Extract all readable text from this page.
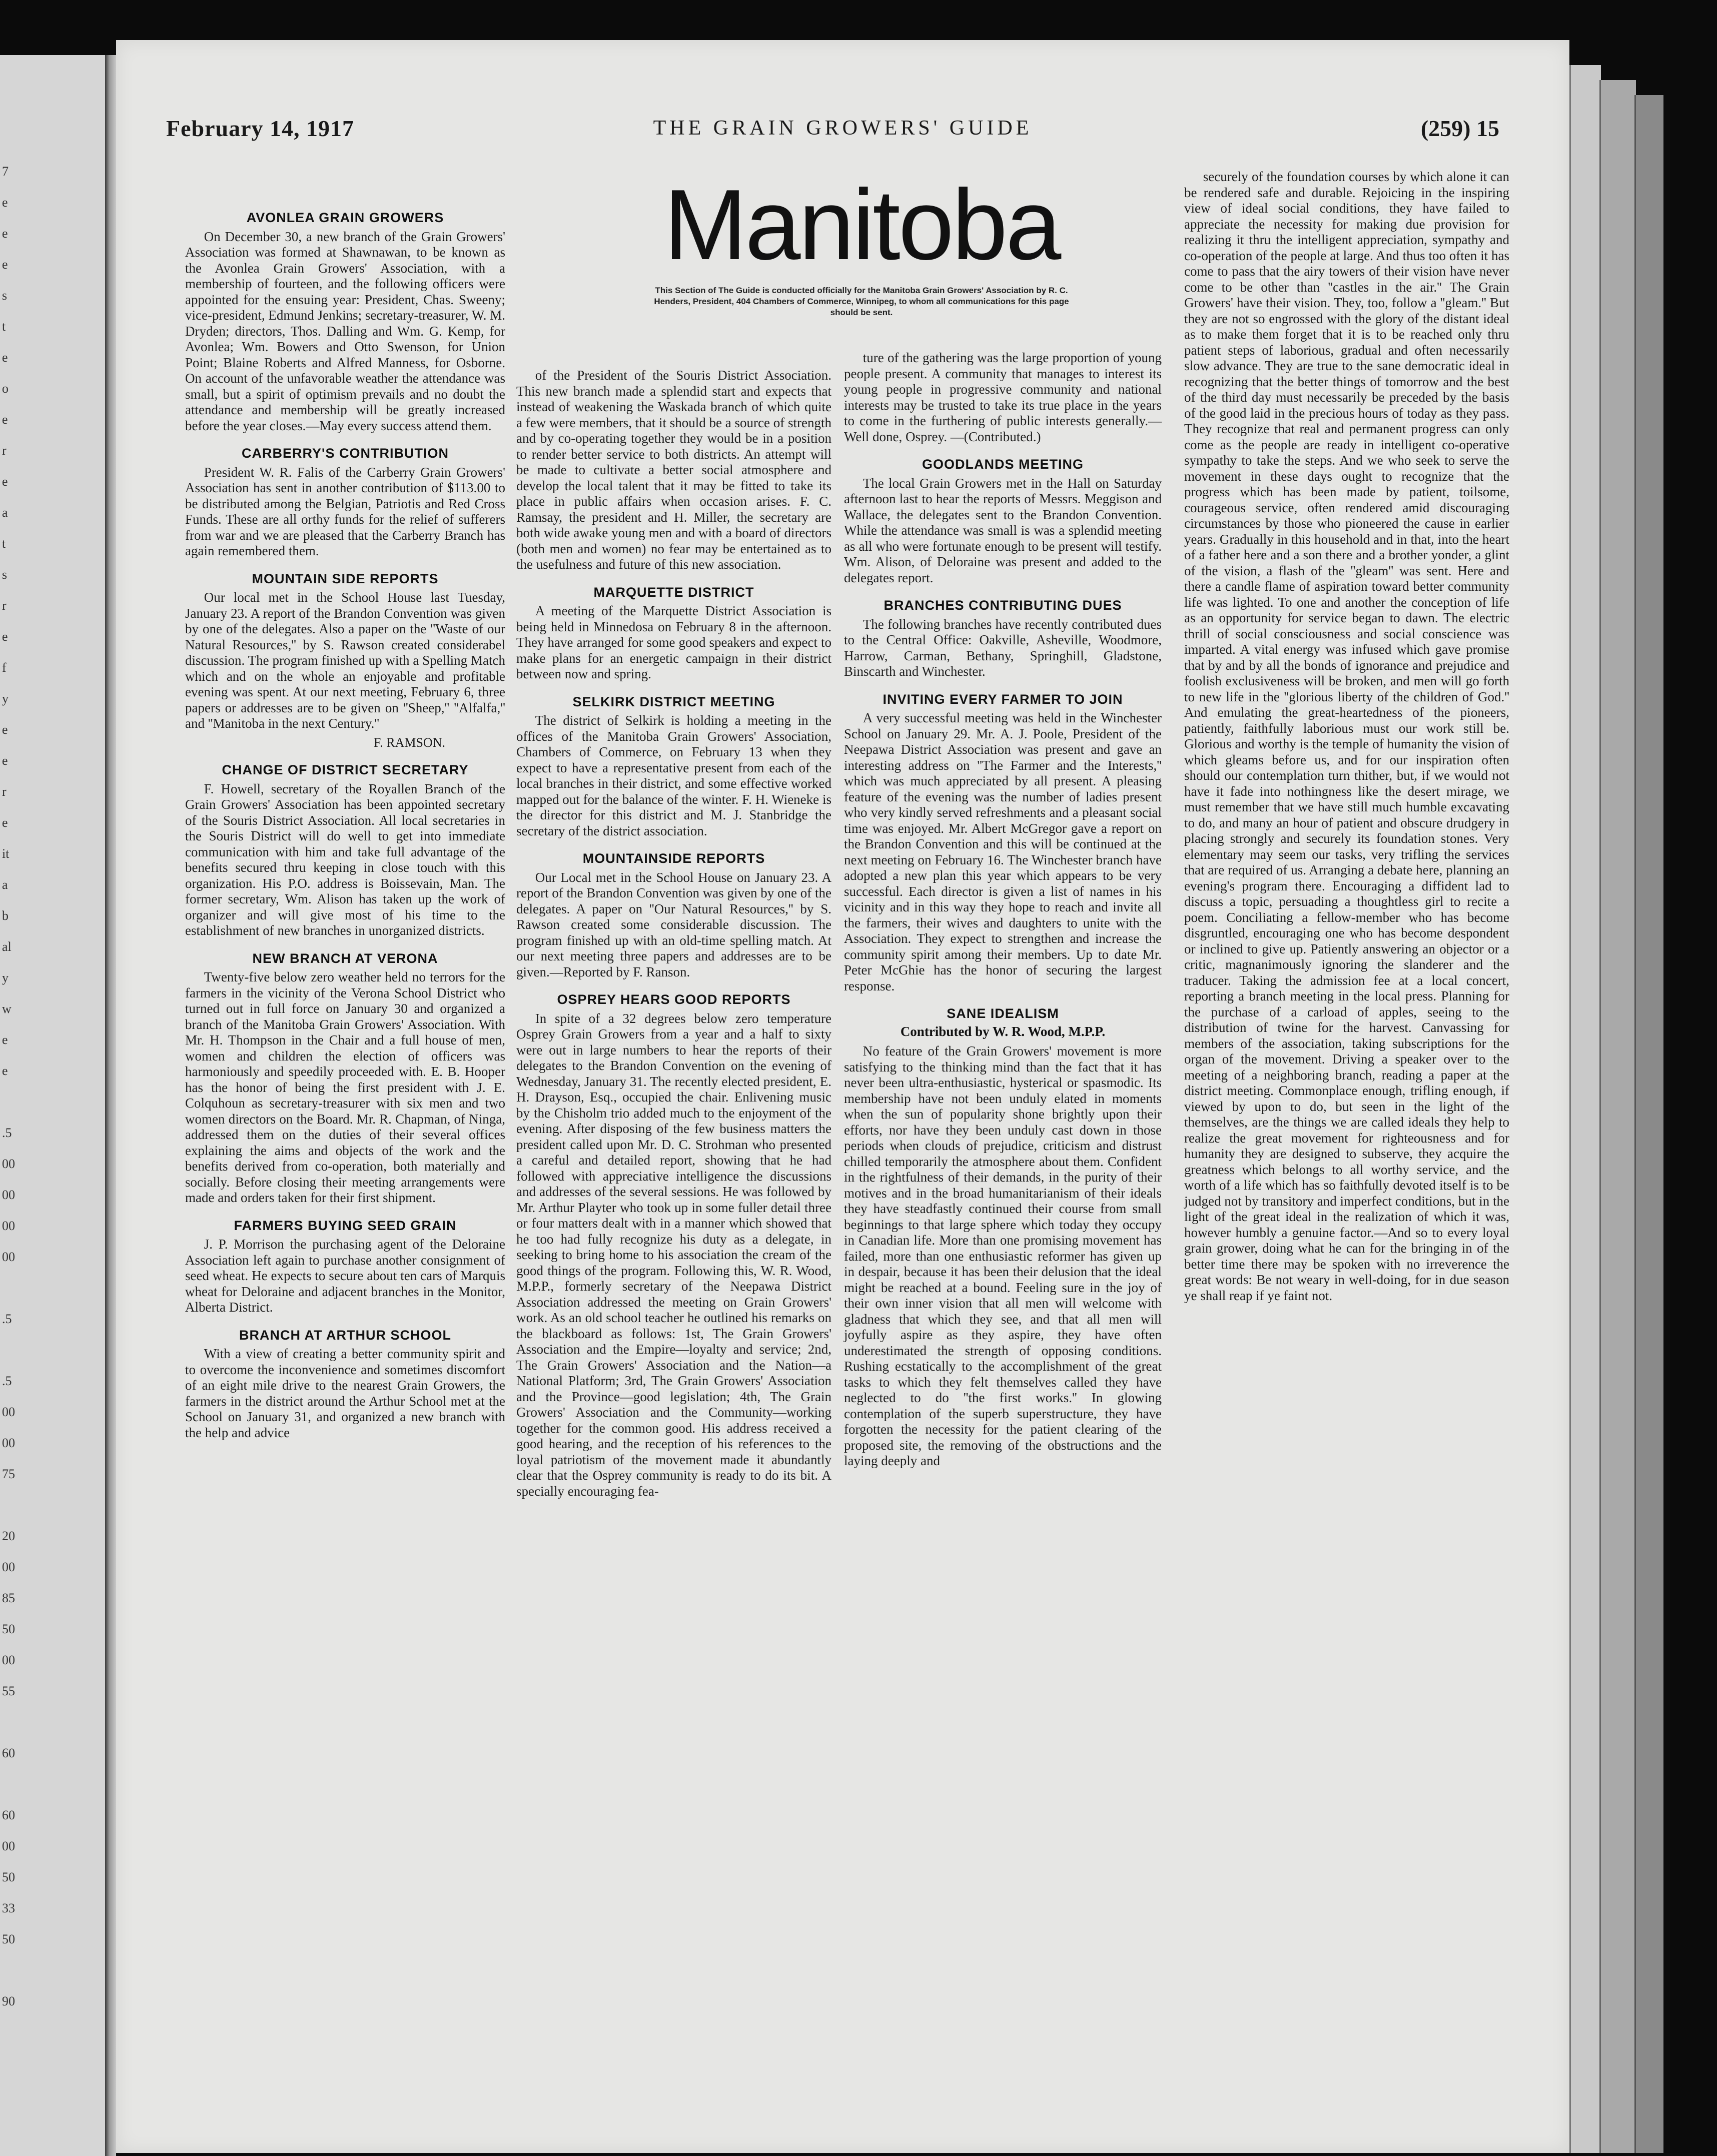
7
e
e
e
s
t
e
o
e
r
e
a
t
s
r
e
f
y
e
e
r
e
it
a
b
al
y
w
e
e
.5
00
00
00
00
.5
.5
00
00
75
20
00
85
50
00
55
60
60
00
50
33
50
90
February 14, 1917	THE GRAIN GROWERS' GUIDE	(259) 15
Manitoba
This Section of The Guide is conducted officially for the Manitoba Grain Growers' Association by R. C. Henders, President, 404 Chambers of Commerce, Winnipeg, to whom all communications for this page should be sent.
AVONLEA GRAIN GROWERS
On December 30, a new branch of the Grain Growers' Association was formed at Shawnawan, to be known as the Avonlea Grain Growers' Association, with a membership of fourteen, and the following officers were appointed for the ensuing year: President, Chas. Sweeny; vice-president, Edmund Jenkins; secretary-treasurer, W. M. Dryden; directors, Thos. Dalling and Wm. G. Kemp, for Avonlea; Wm. Bowers and Otto Swenson, for Union Point; Blaine Roberts and Alfred Manness, for Osborne. On account of the unfavorable weather the attendance was small, but a spirit of optimism prevails and no doubt the attendance and membership will be greatly increased before the year closes.—May every success attend them.
CARBERRY'S CONTRIBUTION
President W. R. Falis of the Carberry Grain Growers' Association has sent in another contribution of $113.00 to be distributed among the Belgian, Patriotis and Red Cross Funds. These are all orthy funds for the relief of sufferers from war and we are pleased that the Carberry Branch has again remembered them.
MOUNTAIN SIDE REPORTS
Our local met in the School House last Tuesday, January 23. A report of the Brandon Convention was given by one of the delegates. Also a paper on the ''Waste of our Natural Resources,'' by S. Rawson created considerabel discussion. The program finished up with a Spelling Match which and on the whole an enjoyable and profitable evening was spent. At our next meeting, February 6, three papers or addresses are to be given on ''Sheep,'' ''Alfalfa,'' and ''Manitoba in the next Century.''
F. RAMSON.
CHANGE OF DISTRICT SECRETARY
F. Howell, secretary of the Royallen Branch of the Grain Growers' Association has been appointed secretary of the Souris District Association. All local secretaries in the Souris District will do well to get into immediate communication with him and take full advantage of the benefits secured thru keeping in close touch with this organization. His P.O. address is Boissevain, Man. The former secretary, Wm. Alison has taken up the work of organizer and will give most of his time to the establishment of new branches in unorganized districts.
NEW BRANCH AT VERONA
Twenty-five below zero weather held no terrors for the farmers in the vicinity of the Verona School District who turned out in full force on January 30 and organized a branch of the Manitoba Grain Growers' Association. With Mr. H. Thompson in the Chair and a full house of men, women and children the election of officers was harmoniously and speedily proceeded with. E. B. Hooper has the honor of being the first president with J. E. Colquhoun as secretary-treasurer with six men and two women directors on the Board. Mr. R. Chapman, of Ninga, addressed them on the duties of their several offices explaining the aims and objects of the work and the benefits derived from co-operation, both materially and socially. Before closing their meeting arrangements were made and orders taken for their first shipment.
FARMERS BUYING SEED GRAIN
J. P. Morrison the purchasing agent of the Deloraine Association left again to purchase another consignment of seed wheat. He expects to secure about ten cars of Marquis wheat for Deloraine and adjacent branches in the Monitor, Alberta District.
BRANCH AT ARTHUR SCHOOL
With a view of creating a better community spirit and to overcome the inconvenience and sometimes discomfort of an eight mile drive to the nearest Grain Growers, the farmers in the district around the Arthur School met at the School on January 31, and organized a new branch with the help and advice
of the President of the Souris District Association. This new branch made a splendid start and expects that instead of weakening the Waskada branch of which quite a few were members, that it should be a source of strength and by co-operating together they would be in a position to render better service to both districts. An attempt will be made to cultivate a better social atmosphere and develop the local talent that it may be fitted to take its place in public affairs when occasion arises. F. C. Ramsay, the president and H. Miller, the secretary are both wide awake young men and with a board of directors (both men and women) no fear may be entertained as to the usefulness and future of this new association.
MARQUETTE DISTRICT
A meeting of the Marquette District Association is being held in Minnedosa on February 8 in the afternoon. They have arranged for some good speakers and expect to make plans for an energetic campaign in their district between now and spring.
SELKIRK DISTRICT MEETING
The district of Selkirk is holding a meeting in the offices of the Manitoba Grain Growers' Association, Chambers of Commerce, on February 13 when they expect to have a representative present from each of the local branches in their district, and some effective worked mapped out for the balance of the winter. F. H. Wieneke is the director for this district and M. J. Stanbridge the secretary of the district association.
MOUNTAINSIDE REPORTS
Our Local met in the School House on January 23. A report of the Brandon Convention was given by one of the delegates. A paper on ''Our Natural Resources,'' by S. Rawson created some considerable discussion. The program finished up with an old-time spelling match. At our next meeting three papers and addresses are to be given.—Reported by F. Ranson.
OSPREY HEARS GOOD REPORTS
In spite of a 32 degrees below zero temperature Osprey Grain Growers from a year and a half to sixty were out in large numbers to hear the reports of their delegates to the Brandon Convention on the evening of Wednesday, January 31. The recently elected president, E. H. Drayson, Esq., occupied the chair. Enlivening music by the Chisholm trio added much to the enjoyment of the evening. After disposing of the few business matters the president called upon Mr. D. C. Strohman who presented a careful and detailed report, showing that he had followed with appreciative intelligence the discussions and addresses of the several sessions. He was followed by Mr. Arthur Playter who took up in some fuller detail three or four matters dealt with in a manner which showed that he too had fully recognize his duty as a delegate, in seeking to bring home to his association the cream of the good things of the program. Following this, W. R. Wood, M.P.P., formerly secretary of the Neepawa District Association addressed the meeting on Grain Growers' work. As an old school teacher he outlined his remarks on the blackboard as follows: 1st, The Grain Growers' Association and the Empire—loyalty and service; 2nd, The Grain Growers' Association and the Nation—a National Platform; 3rd, The Grain Growers' Association and the Province—good legislation; 4th, The Grain Growers' Association and the Community—working together for the common good. His address received a good hearing, and the reception of his references to the loyal patriotism of the movement made it abundantly clear that the Osprey community is ready to do its bit. A specially encouraging fea-
ture of the gathering was the large proportion of young people present. A community that manages to interest its young people in progressive community and national interests may be trusted to take its true place in the years to come in the furthering of public interests generally.—Well done, Osprey. —(Contributed.)
GOODLANDS MEETING
The local Grain Growers met in the Hall on Saturday afternoon last to hear the reports of Messrs. Meggison and Wallace, the delegates sent to the Brandon Convention. While the attendance was small is was a splendid meeting as all who were fortunate enough to be present will testify. Wm. Alison, of Deloraine was present and added to the delegates report.
BRANCHES CONTRIBUTING DUES
The following branches have recently contributed dues to the Central Office: Oakville, Asheville, Woodmore, Harrow, Carman, Bethany, Springhill, Gladstone, Binscarth and Winchester.
INVITING EVERY FARMER TO JOIN
A very successful meeting was held in the Winchester School on January 29. Mr. A. J. Poole, President of the Neepawa District Association was present and gave an interesting address on ''The Farmer and the Interests,'' which was much appreciated by all present. A pleasing feature of the evening was the number of ladies present who very kindly served refreshments and a pleasant social time was enjoyed. Mr. Albert McGregor gave a report on the Brandon Convention and this will be continued at the next meeting on February 16. The Winchester branch have adopted a new plan this year which appears to be very successful. Each director is given a list of names in his vicinity and in this way they hope to reach and invite all the farmers, their wives and daughters to unite with the Association. They expect to strengthen and increase the community spirit among their members. Up to date Mr. Peter McGhie has the honor of securing the largest response.
SANE IDEALISM
Contributed by W. R. Wood, M.P.P.
No feature of the Grain Growers' movement is more satisfying to the thinking mind than the fact that it has never been ultra-enthusiastic, hysterical or spasmodic. Its membership have not been unduly elated in moments when the sun of popularity shone brightly upon their efforts, nor have they been unduly cast down in those periods when clouds of prejudice, criticism and distrust chilled temporarily the atmosphere about them. Confident in the rightfulness of their demands, in the purity of their motives and in the broad humanitarianism of their ideals they have steadfastly continued their course from small beginnings to that large sphere which today they occupy in Canadian life. More than one promising movement has failed, more than one enthusiastic reformer has given up in despair, because it has been their delusion that the ideal might be reached at a bound. Feeling sure in the joy of their own inner vision that all men will welcome with gladness that which they see, and that all men will joyfully aspire as they aspire, they have often underestimated the strength of opposing conditions. Rushing ecstatically to the accomplishment of the great tasks to which they felt themselves called they have neglected to do ''the first works.'' In glowing contemplation of the superb superstructure, they have forgotten the necessity for the patient clearing of the proposed site, the removing of the obstructions and the laying deeply and
securely of the foundation courses by which alone it can be rendered safe and durable. Rejoicing in the inspiring view of ideal social conditions, they have failed to appreciate the necessity for making due provision for realizing it thru the intelligent appreciation, sympathy and co-operation of the people at large. And thus too often it has come to pass that the airy towers of their vision have never come to be other than ''castles in the air.'' The Grain Growers' have their vision. They, too, follow a ''gleam.'' But they are not so engrossed with the glory of the distant ideal as to make them forget that it is to be reached only thru patient steps of laborious, gradual and often necessarily slow advance. They are true to the sane democratic ideal in recognizing that the better things of tomorrow and the best of the third day must necessarily be preceded by the basis of the good laid in the precious hours of today as they pass. They recognize that real and permanent progress can only come as the people are ready in intelligent co-operative sympathy to take the steps. And we who seek to serve the movement in these days ought to recognize that the progress which has been made by patient, toilsome, courageous service, often rendered amid discouraging circumstances by those who pioneered the cause in earlier years. Gradually in this household and in that, into the heart of a father here and a son there and a brother yonder, a glint of the vision, a flash of the ''gleam'' was sent. Here and there a candle flame of aspiration toward better community life was lighted. To one and another the conception of life as an opportunity for service began to dawn. The electric thrill of social consciousness and social conscience was imparted. A vital energy was infused which gave promise that by and by all the bonds of ignorance and prejudice and foolish exclusiveness will be broken, and men will go forth to new life in the ''glorious liberty of the children of God.'' And emulating the great-heartedness of the pioneers, patiently, faithfully laborious must our work still be. Glorious and worthy is the temple of humanity the vision of which gleams before us, and for our inspiration often should our contemplation turn thither, but, if we would not have it fade into nothingness like the desert mirage, we must remember that we have still much humble excavating to do, and many an hour of patient and obscure drudgery in placing strongly and securely its foundation stones. Very elementary may seem our tasks, very trifling the services that are required of us. Arranging a debate here, planning an evening's program there. Encouraging a diffident lad to discuss a topic, persuading a thoughtless girl to recite a poem. Conciliating a fellow-member who has become disgruntled, encouraging one who has become despondent or inclined to give up. Patiently answering an objector or a critic, magnanimously ignoring the slanderer and the traducer. Taking the admission fee at a local concert, reporting a branch meeting in the local press. Planning for the purchase of a carload of apples, seeing to the distribution of twine for the harvest. Canvassing for members of the association, taking subscriptions for the organ of the movement. Driving a speaker over to the meeting of a neighboring branch, reading a paper at the district meeting. Commonplace enough, trifling enough, if viewed by upon to do, but seen in the light of the themselves, are the things we are called ideals they help to realize the great movement for righteousness and for humanity they are designed to subserve, they acquire the greatness which belongs to all worthy service, and the worth of a life which has so faithfully devoted itself is to be judged not by transitory and imperfect conditions, but in the light of the great ideal in the realization of which it was, however humbly a genuine factor.—And so to every loyal grain grower, doing what he can for the bringing in of the better time there may be spoken with no irreverence the great words: Be not weary in well-doing, for in due season ye shall reap if ye faint not.
